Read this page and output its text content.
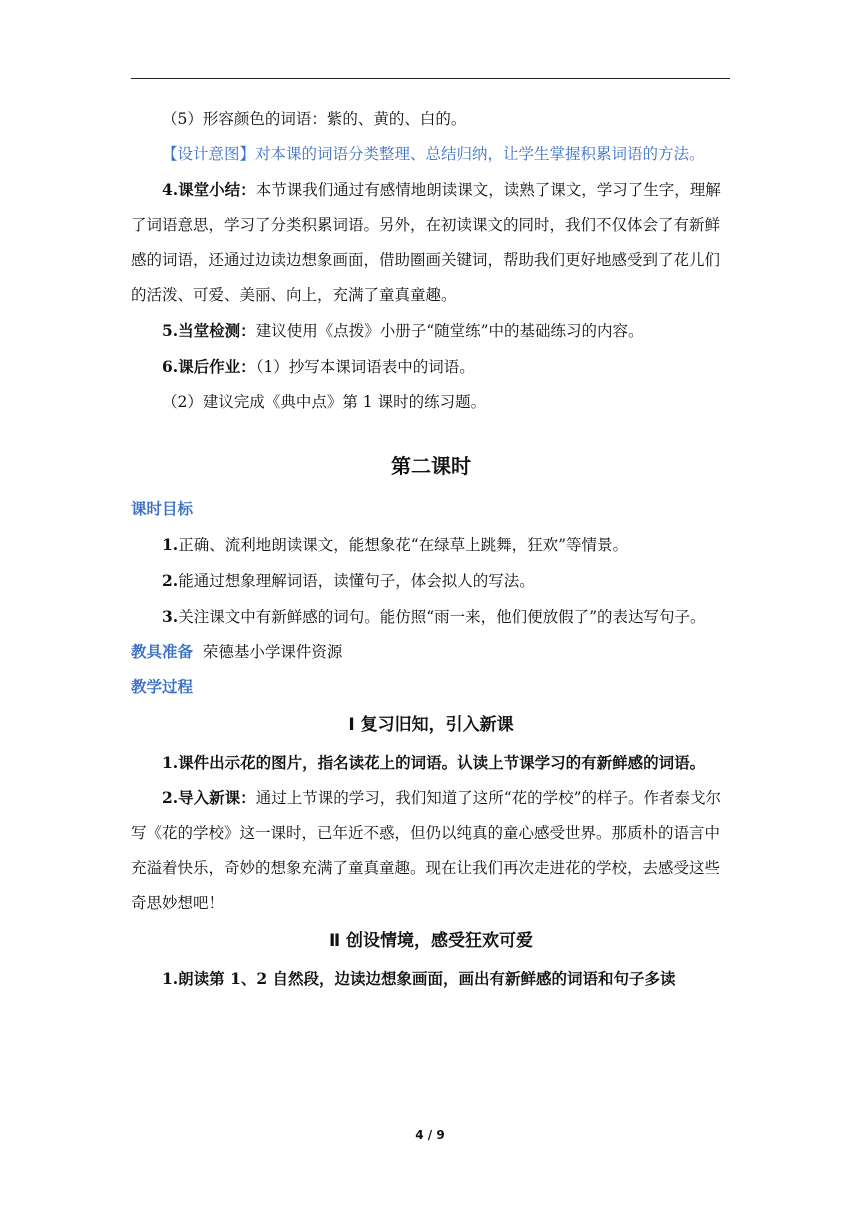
（5）形容颜色的词语：紫的、黄的、白的。

【设计意图】对本课的词语分类整理、总结归纳，让学生掌握积累词语的方法。

4.课堂小结：本节课我们通过有感情地朗读课文，读熟了课文，学习了生字，理解了词语意思，学习了分类积累词语。另外，在初读课文的同时，我们不仅体会了有新鲜感的词语，还通过边读边想象画面，借助圈画关键词，帮助我们更好地感受到了花儿们的活泼、可爱、美丽、向上，充满了童真童趣。

5.当堂检测：建议使用《点拨》小册子“随堂练”中的基础练习的内容。

6.课后作业：（1）抄写本课词语表中的词语。

（2）建议完成《典中点》第 1 课时的练习题。

第二课时

课时目标

1.正确、流利地朗读课文，能想象花“在绿草上跳舞，狂欢”等情景。

2.能通过想象理解词语，读懂句子，体会拟人的写法。

3.关注课文中有新鲜感的词句。能仿照“雨一来，他们便放假了”的表达写句子。

教具准备 荣德基小学课件资源

教学过程

Ⅰ 复习旧知，引入新课

1.课件出示花的图片，指名读花上的词语。认读上节课学习的有新鲜感的词语。

2.导入新课：通过上节课的学习，我们知道了这所“花的学校”的样子。作者泰戈尔写《花的学校》这一课时，已年近不惑，但仍以纯真的童心感受世界。那质朴的语言中充溢着快乐，奇妙的想象充满了童真童趣。现在让我们再次走进花的学校，去感受这些奇思妙想吧！

Ⅱ 创设情境，感受狂欢可爱

1.朗读第 1、2 自然段，边读边想象画面，画出有新鲜感的词语和句子多读

4 / 9
